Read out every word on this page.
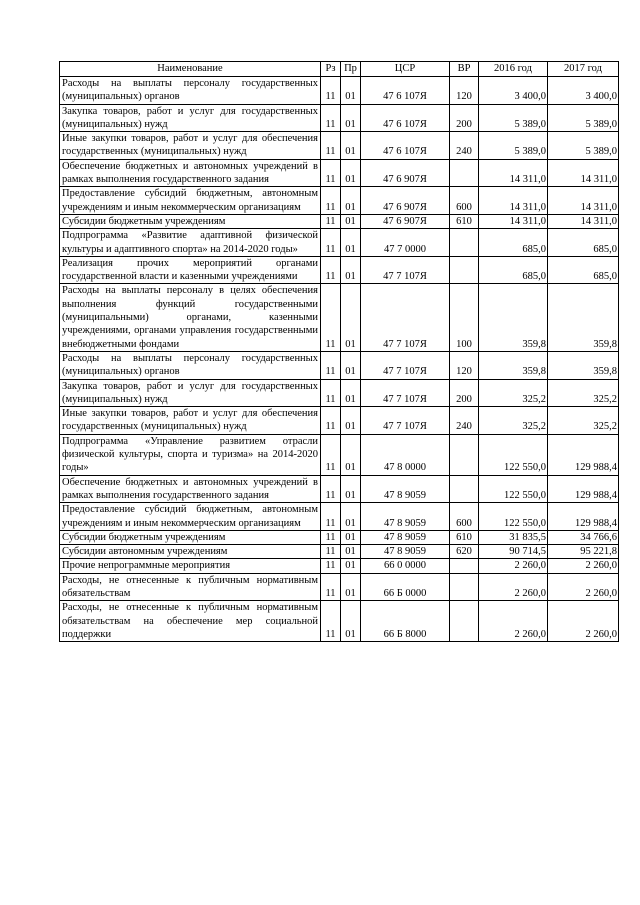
Наименование	Рз	Пр	ЦСР	ВР	2016 год	2017 год
Расходы на выплаты персоналу государственных (муниципальных) органов	11	01	47 6 107Я	120	3 400,0	3 400,0
Закупка товаров, работ и услуг для государственных (муниципальных) нужд	11	01	47 6 107Я	200	5 389,0	5 389,0
Иные закупки товаров, работ и услуг для обеспечения государственных (муниципальных) нужд	11	01	47 6 107Я	240	5 389,0	5 389,0
Обеспечение бюджетных и автономных учреждений в рамках выполнения государственного задания	11	01	47 6 907Я		14 311,0	14 311,0
Предоставление субсидий бюджетным, автономным учреждениям и иным некоммерческим организациям	11	01	47 6 907Я	600	14 311,0	14 311,0
Субсидии бюджетным учреждениям	11	01	47 6 907Я	610	14 311,0	14 311,0
Подпрограмма «Развитие адаптивной физической культуры и адаптивного спорта» на 2014-2020 годы»	11	01	47 7 0000		685,0	685,0
Реализация прочих мероприятий органами государственной власти и казенными учреждениями	11	01	47 7 107Я		685,0	685,0
Расходы на выплаты персоналу в целях обеспечения выполнения функций государственными (муниципальными) органами, казенными учреждениями, органами управления государственными внебюджетными фондами	11	01	47 7 107Я	100	359,8	359,8
Расходы на выплаты персоналу государственных (муниципальных) органов	11	01	47 7 107Я	120	359,8	359,8
Закупка товаров, работ и услуг для государственных (муниципальных) нужд	11	01	47 7 107Я	200	325,2	325,2
Иные закупки товаров, работ и услуг для обеспечения государственных (муниципальных) нужд	11	01	47 7 107Я	240	325,2	325,2
Подпрограмма «Управление развитием отрасли физической культуры, спорта и туризма» на 2014-2020 годы»	11	01	47 8 0000		122 550,0	129 988,4
Обеспечение бюджетных и автономных учреждений в рамках выполнения государственного задания	11	01	47 8 9059		122 550,0	129 988,4
Предоставление субсидий бюджетным, автономным учреждениям и иным некоммерческим организациям	11	01	47 8 9059	600	122 550,0	129 988,4
Субсидии бюджетным учреждениям	11	01	47 8 9059	610	31 835,5	34 766,6
Субсидии автономным учреждениям	11	01	47 8 9059	620	90 714,5	95 221,8
Прочие непрограммные мероприятия	11	01	66 0 0000		2 260,0	2 260,0
Расходы, не отнесенные к публичным нормативным обязательствам	11	01	66 Б 0000		2 260,0	2 260,0
Расходы, не отнесенные к публичным нормативным обязательствам на обеспечение мер социальной поддержки	11	01	66 Б 8000		2 260,0	2 260,0
